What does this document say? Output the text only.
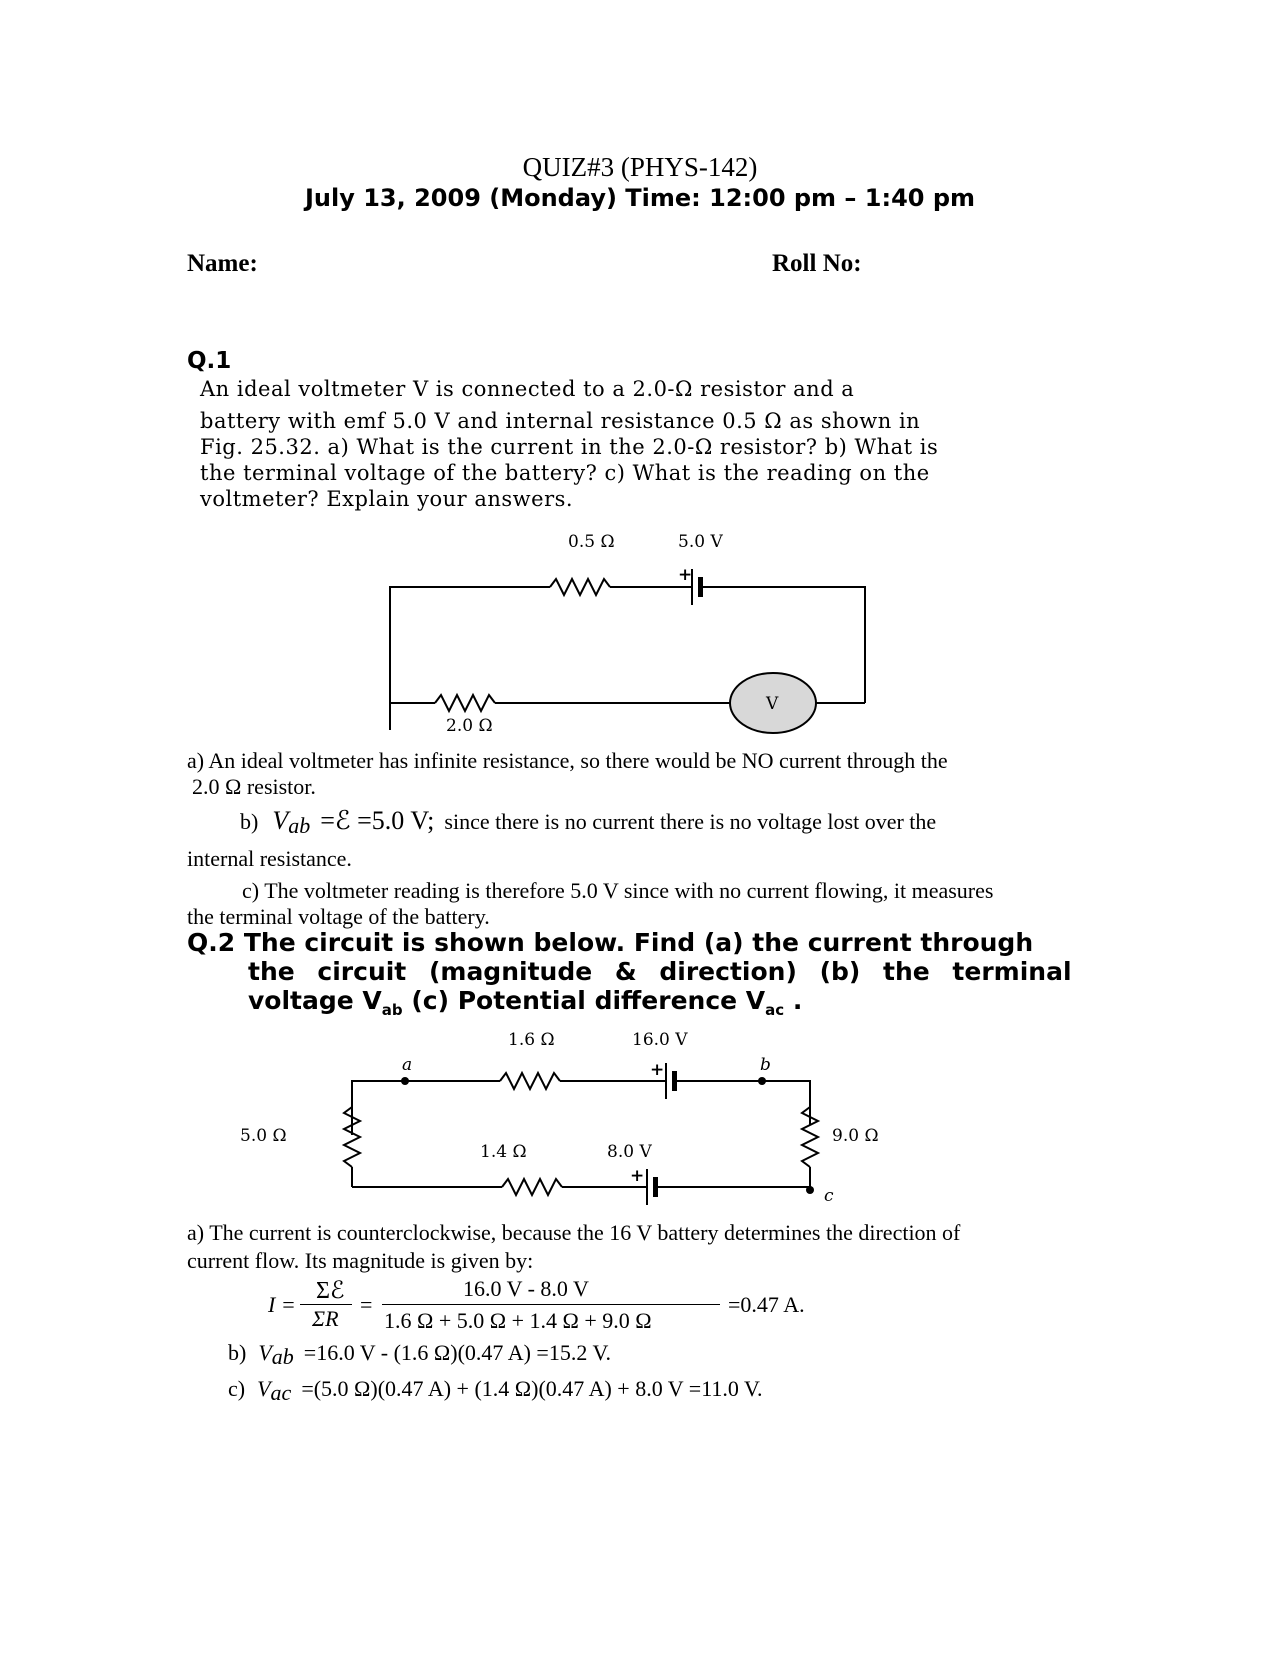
QUIZ#3 (PHYS-142)
July 13, 2009 (Monday) Time: 12:00 pm – 1:40 pm
Name:	Roll No:
Q.1
An ideal voltmeter V is connected to a 2.0-Ω resistor and a
battery with emf 5.0 V and internal resistance 0.5 Ω as shown in
Fig. 25.32. a) What is the current in the 2.0-Ω resistor? b) What is
the terminal voltage of the battery? c) What is the reading on the
voltmeter? Explain your answers.
0.5 Ω	5.0 V
+
V
2.0 Ω
a) An ideal voltmeter has infinite resistance, so there would be NO current through the
2.0 Ω resistor.
b) $V_{ab}$ =ℰ =5.0 V; since there is no current there is no voltage lost over the
internal resistance.
c) The voltmeter reading is therefore 5.0 V since with no current flowing, it measures
the terminal voltage of the battery.
Q.2 The circuit is shown below. Find (a) the current through
the circuit (magnitude & direction) (b) the terminal
voltage $V_{ab}$ (c) Potential difference $V_{ac}$ .
1.6 Ω	16.0 V
a	+	b
5.0 Ω	9.0 Ω
1.4 Ω	8.0 V
+
c
a) The current is counterclockwise, because the 16 V battery determines the direction of
current flow. Its magnitude is given by:
I =
Σℰ
ΣR
=
16.0 V - 8.0 V
1.6 Ω + 5.0 Ω + 1.4 Ω + 9.0 Ω
=0.47 A.
b) $V_{ab} =16.0$ V - (1.6 Ω)(0.47 A) =15.2 V.
c) $V_{ac} =(5.0$ Ω)(0.47 A) + (1.4 Ω)(0.47 A) + 8.0 V =11.0 V.
